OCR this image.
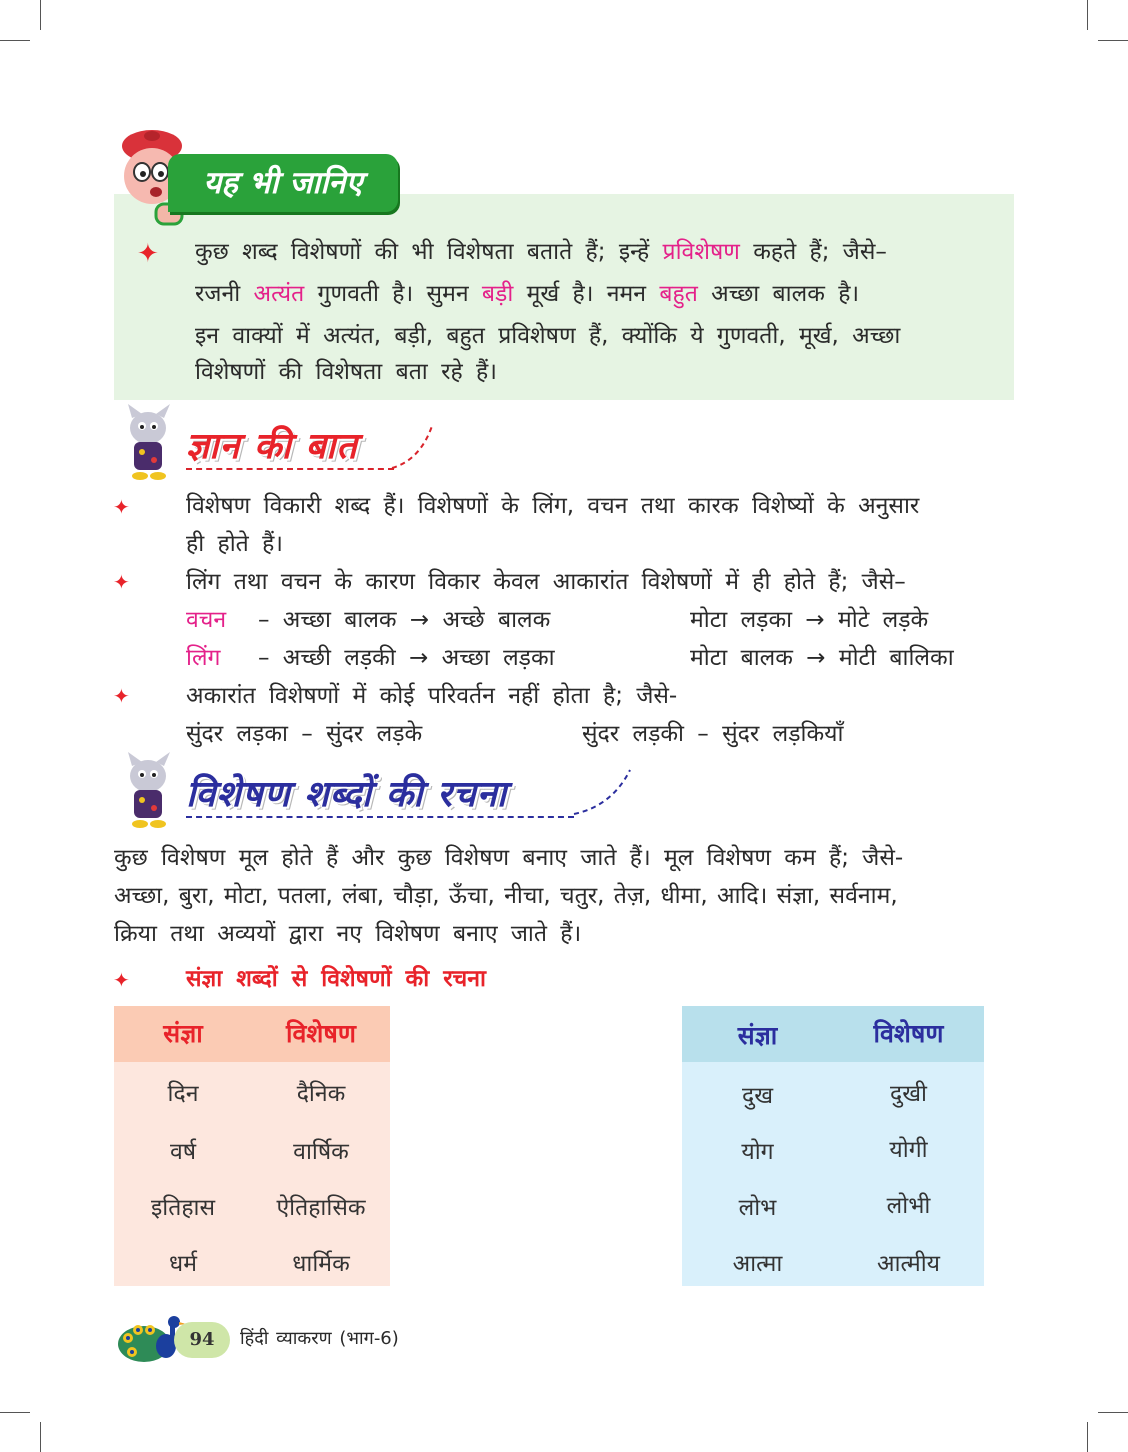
यह भी जानिए
✦ कुछ शब्द विशेषणों की भी विशेषता बताते हैं; इन्हें प्रविशेषण कहते हैं; जैसे–
रजनी अत्यंत गुणवती है। सुमन बड़ी मूर्ख है। नमन बहुत अच्छा बालक है।
इन वाक्यों में अत्यंत, बड़ी, बहुत प्रविशेषण हैं, क्योंकि ये गुणवती, मूर्ख, अच्छा
विशेषणों की विशेषता बता रहे हैं।
ज्ञान की बात
✦ विशेषण विकारी शब्द हैं। विशेषणों के लिंग, वचन तथा कारक विशेष्यों के अनुसार
ही होते हैं।
✦ लिंग तथा वचन के कारण विकार केवल आकारांत विशेषणों में ही होते हैं; जैसे–
वचन – अच्छा बालक → अच्छे बालक	मोटा लड़का → मोटे लड़के
लिंग – अच्छी लड़की → अच्छा लड़का	मोटा बालक → मोटी बालिका
✦ अकारांत विशेषणों में कोई परिवर्तन नहीं होता है; जैसे-
सुंदर लड़का – सुंदर लड़के	सुंदर लड़की – सुंदर लड़कियाँ
विशेषण शब्दों की रचना
कुछ विशेषण मूल होते हैं और कुछ विशेषण बनाए जाते हैं। मूल विशेषण कम हैं; जैसे-
अच्छा, बुरा, मोटा, पतला, लंबा, चौड़ा, ऊँचा, नीचा, चतुर, तेज़, धीमा, आदि। संज्ञा, सर्वनाम,
क्रिया तथा अव्ययों द्वारा नए विशेषण बनाए जाते हैं।
✦ संज्ञा शब्दों से विशेषणों की रचना
संज्ञा	विशेषण
दिन	दैनिक
वर्ष	वार्षिक
इतिहास	ऐतिहासिक
धर्म	धार्मिक
संज्ञा	विशेषण
दुख	दुखी
योग	योगी
लोभ	लोभी
आत्मा	आत्मीय
94	हिंदी व्याकरण (भाग-6)
